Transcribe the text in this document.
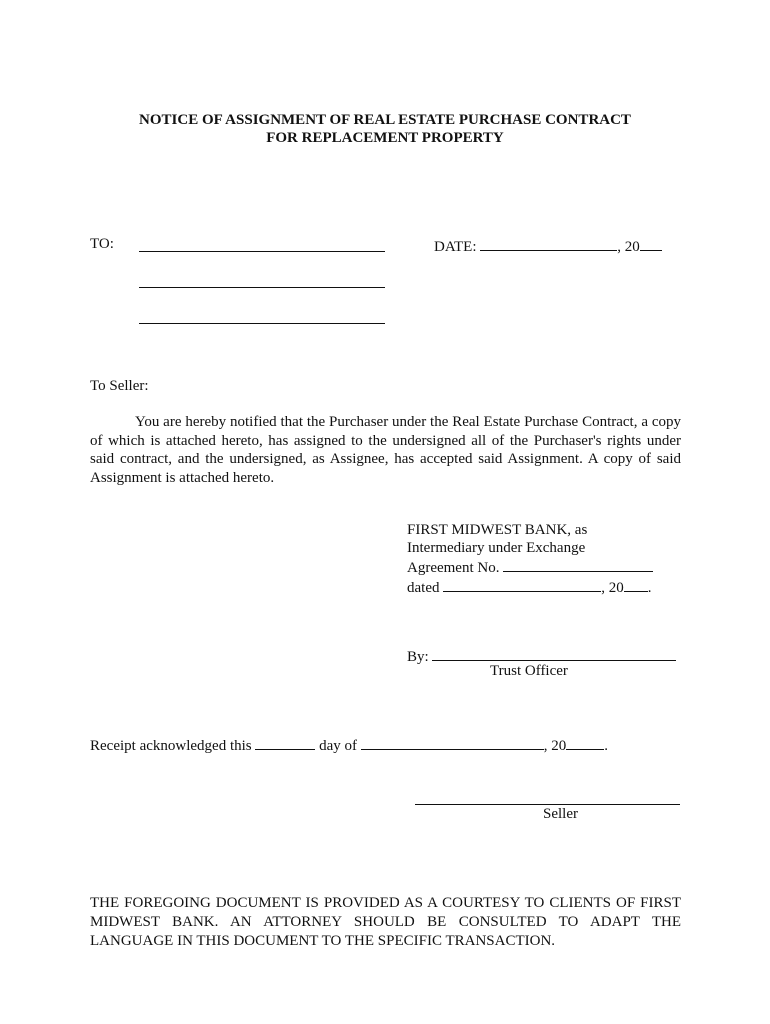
NOTICE OF ASSIGNMENT OF REAL ESTATE PURCHASE CONTRACT
FOR REPLACEMENT PROPERTY
TO:	DATE:	, 20
To Seller:
You are hereby notified that the Purchaser under the Real Estate Purchase Contract, a copy of which is attached hereto, has assigned to the undersigned all of the Purchaser's rights under said contract, and the undersigned, as Assignee, has accepted said Assignment. A copy of said Assignment is attached hereto.
FIRST MIDWEST BANK, as
Intermediary under Exchange
Agreement No.
dated	, 20 .
By:
Trust Officer
Receipt acknowledged this	day of	, 20	.
Seller
THE FOREGOING DOCUMENT IS PROVIDED AS A COURTESY TO CLIENTS OF FIRST MIDWEST BANK. AN ATTORNEY SHOULD BE CONSULTED TO ADAPT THE LANGUAGE IN THIS DOCUMENT TO THE SPECIFIC TRANSACTION.
